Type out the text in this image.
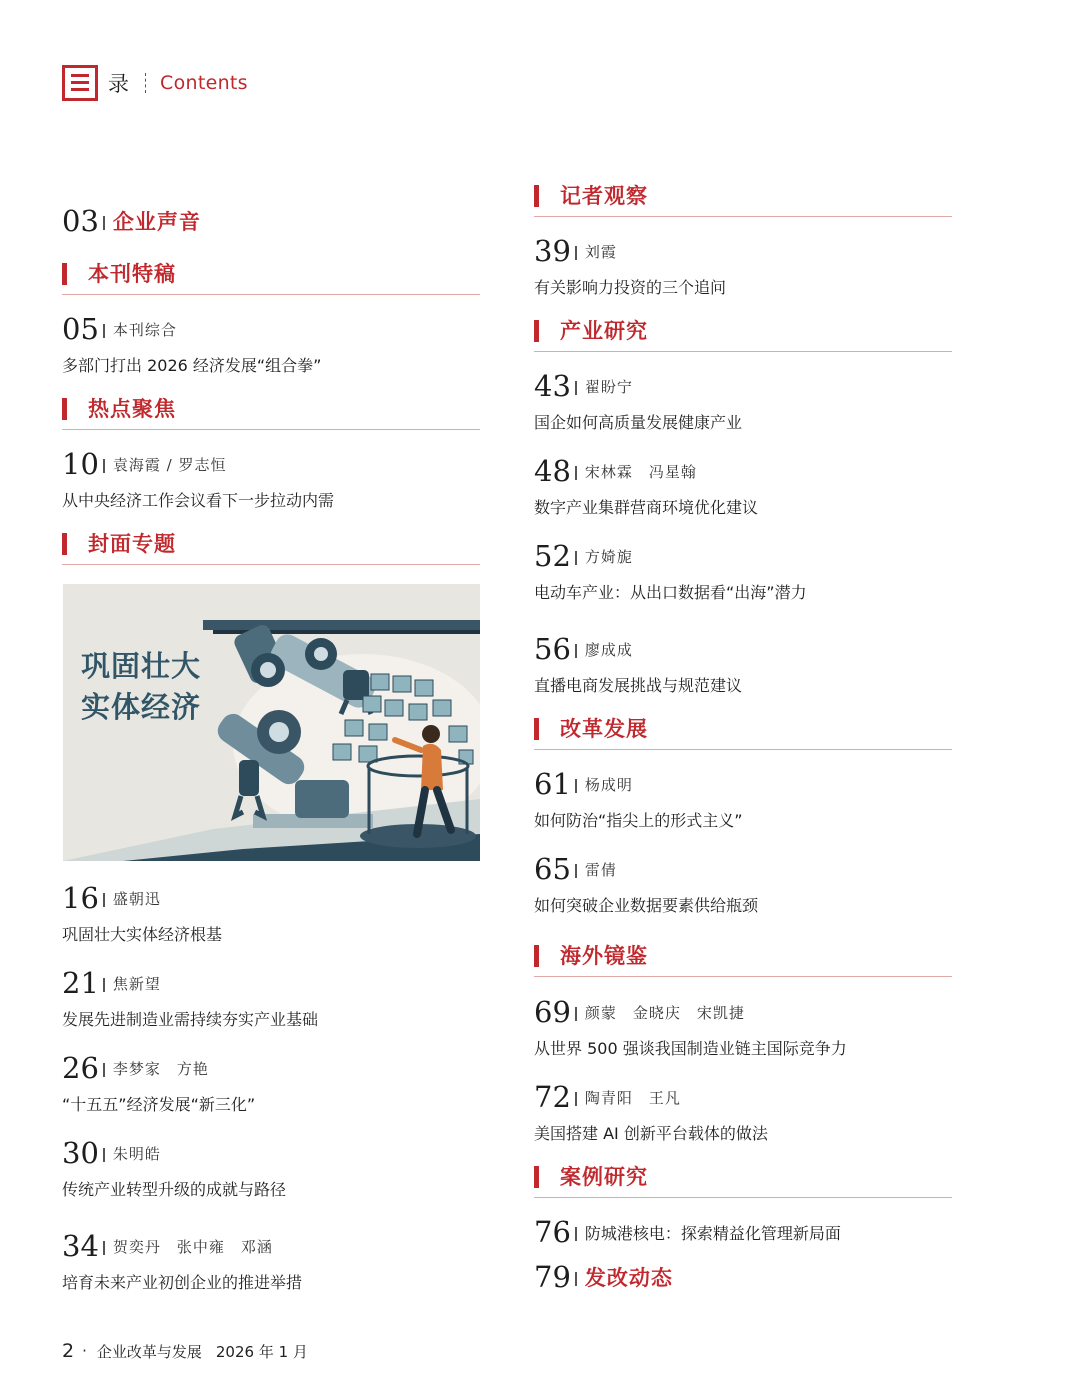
录 Contents
03 企业声音
本刊特稿
05 本刊综合
多部门打出 2026 经济发展“组合拳”
热点聚焦
10 袁海霞 / 罗志恒
从中央经济工作会议看下一步拉动内需
封面专题
巩固壮大
实体经济
16 盛朝迅
巩固壮大实体经济根基
21 焦新望
发展先进制造业需持续夯实产业基础
26 李梦家　方艳
“十五五”经济发展“新三化”
30 朱明皓
传统产业转型升级的成就与路径
34 贺奕丹　张中雍　邓涵
培育未来产业初创企业的推进举措
记者观察
39 刘霞
有关影响力投资的三个追问
产业研究
43 翟盼宁
国企如何高质量发展健康产业
48 宋林霖　冯星翰
数字产业集群营商环境优化建议
52 方婍旎
电动车产业：从出口数据看“出海”潜力
56 廖成成
直播电商发展挑战与规范建议
改革发展
61 杨成明
如何防治“指尖上的形式主义”
65 雷倩
如何突破企业数据要素供给瓶颈
海外镜鉴
69 颜蒙　金晓庆　宋凯捷
从世界 500 强谈我国制造业链主国际竞争力
72 陶青阳　王凡
美国搭建 AI 创新平台载体的做法
案例研究
76 防城港核电：探索精益化管理新局面
79 发改动态
2 · 企业改革与发展 2026 年 1 月
